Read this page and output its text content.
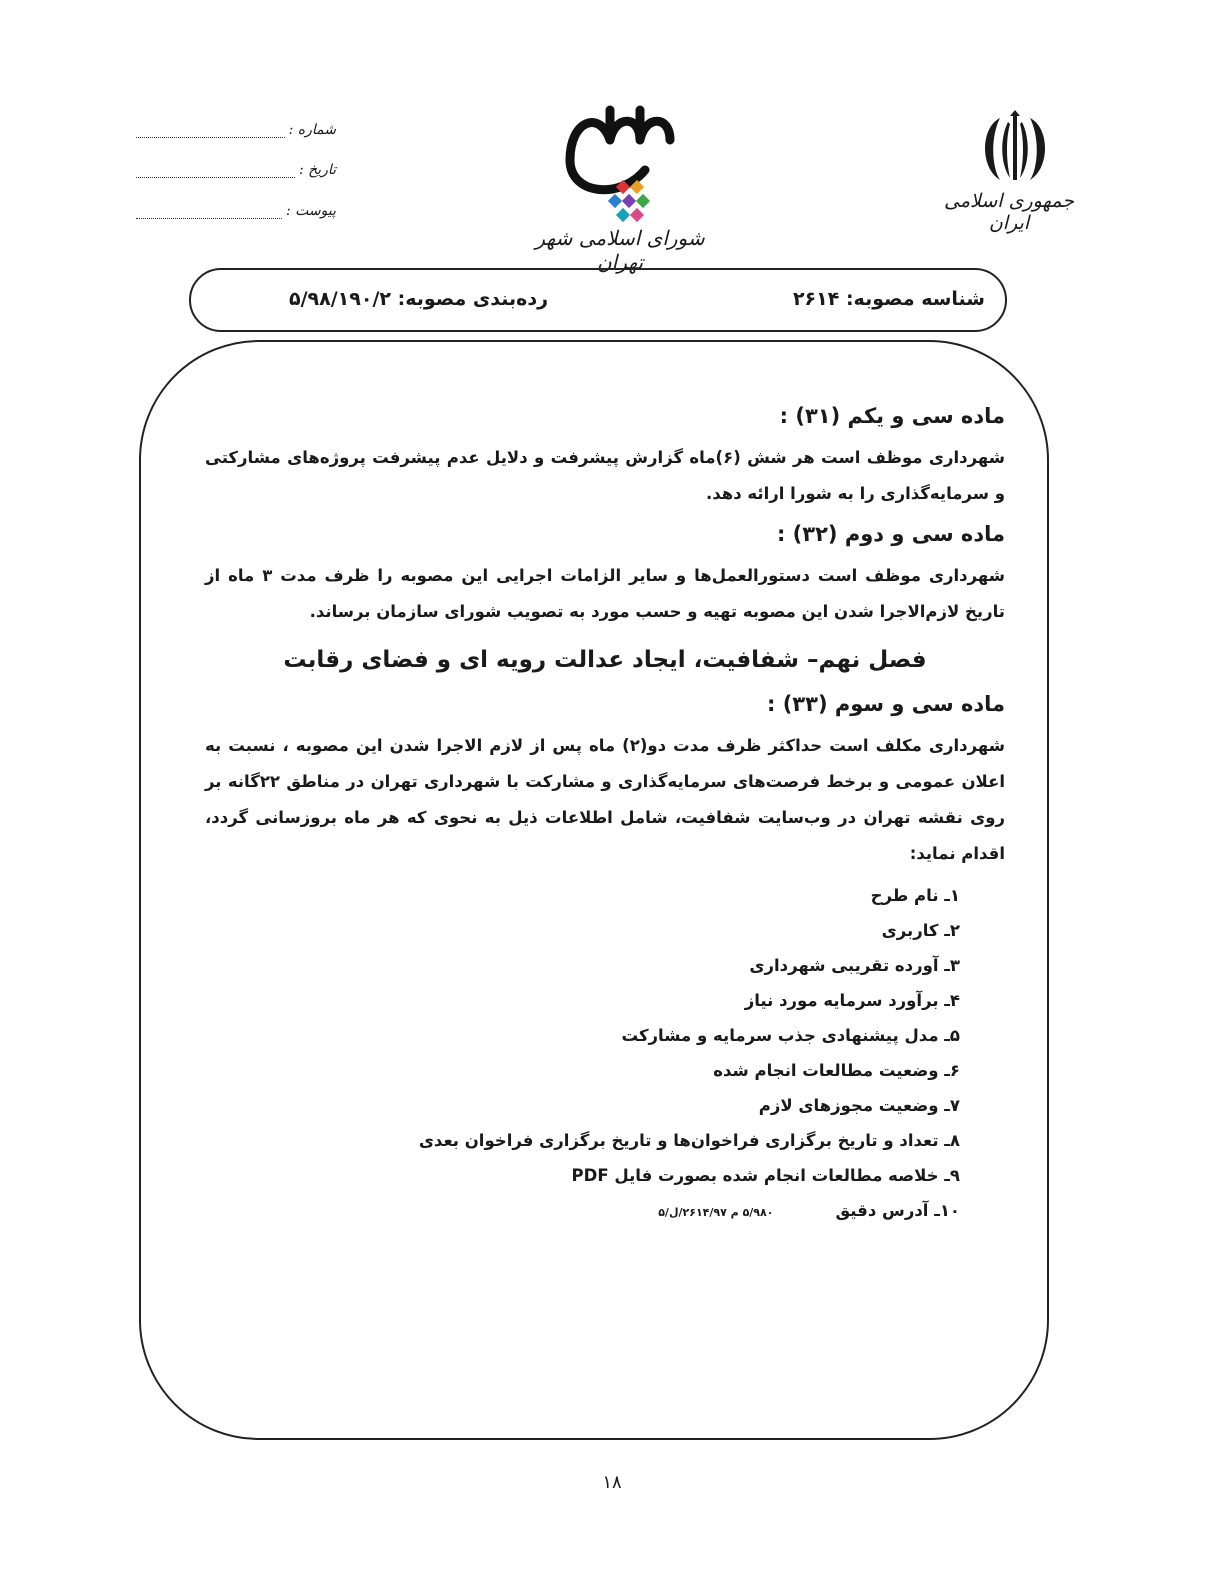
جمهوری اسلامی ایران
شورای اسلامی شهر تهران
شماره :
تاریخ :
پیوست :
شناسه مصوبه: ۲۶۱۴
رده‌بندی مصوبه: ۵/۹۸/۱۹۰/۲
ماده سی و یکم (۳۱) :

شهرداری موظف است هر شش (۶)ماه گزارش پیشرفت و دلایل عدم پیشرفت پروژه‌های مشارکتی و سرمایه‌گذاری را به شورا ارائه دهد.

ماده سی و دوم (۳۲) :

شهرداری موظف است دستورالعمل‌ها و سایر الزامات اجرایی این مصوبه را ظرف مدت ۳ ماه از تاریخ لازم‌الاجرا شدن این مصوبه تهیه و حسب مورد به تصویب شورای سازمان برساند.

فصل نهم– شفافیت، ایجاد عدالت رویه ای و فضای رقابت
ماده سی و سوم (۳۳) :

شهرداری مکلف است حداکثر ظرف مدت دو(۲) ماه پس از لازم الاجرا شدن این مصوبه ، نسبت به اعلان عمومی و برخط فرصت‌های سرمایه‌گذاری و مشارکت با شهرداری تهران در مناطق ۲۲گانه بر روی نقشه تهران در وب‌سایت شفافیت، شامل اطلاعات ذیل به نحوی که هر ماه بروزسانی گردد، اقدام نماید:

۱ـ نام طرح
۲ـ کاربری
۳ـ آورده تقریبی شهرداری
۴ـ برآورد سرمایه مورد نیاز
۵ـ مدل پیشنهادی جذب سرمایه و مشارکت
۶ـ وضعیت مطالعات انجام شده
۷ـ وضعیت مجوزهای لازم
۸ـ تعداد و تاریخ برگزاری فراخوان‌ها و تاریخ برگزاری فراخوان بعدی
۹ـ خلاصه مطالعات انجام شده بصورت فایل PDF
۱۰ـ آدرس دقیق
۵/۹۸۰ م ۲۶۱۴/۹۷/ل/۵
۱۸
